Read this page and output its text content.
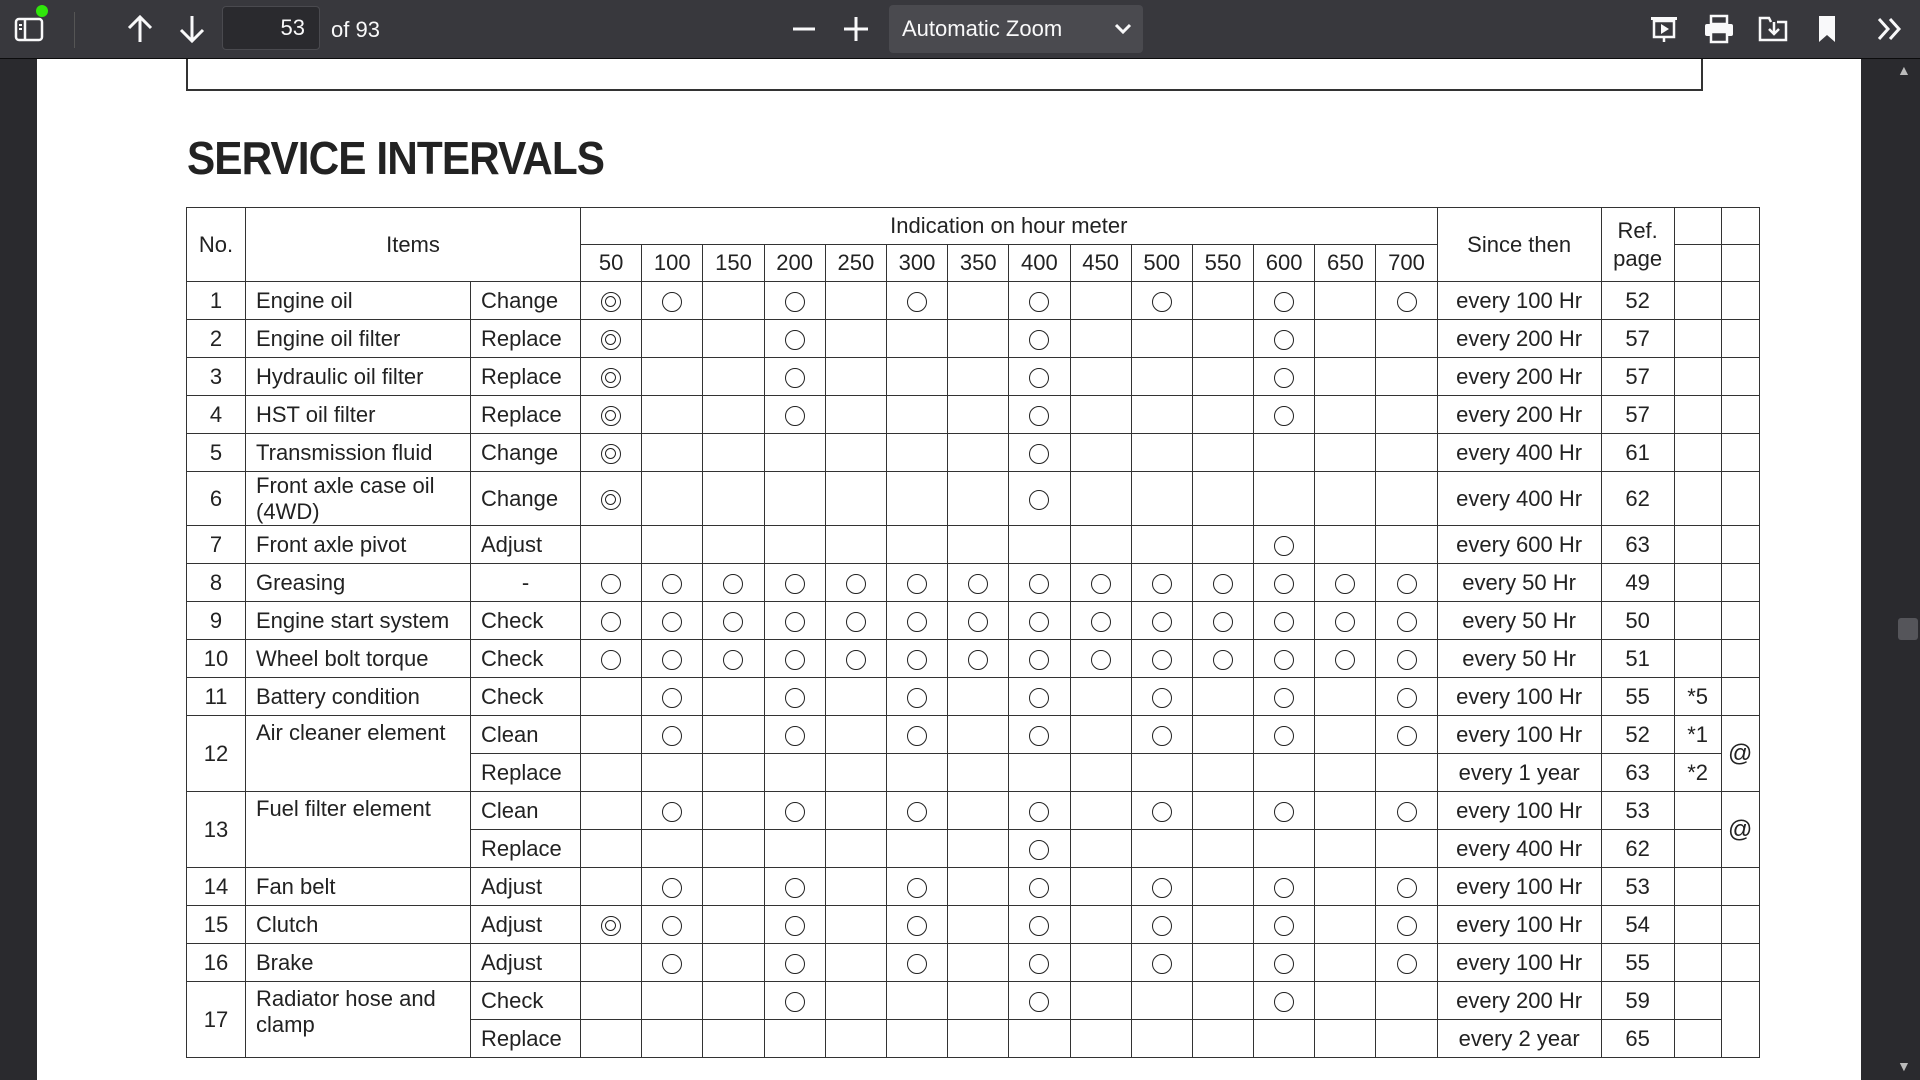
53
of 93	Automatic Zoom
SERVICE INTERVALS
No.	Items		Indication on hour meter														Since then	Ref. page		
			50	100	150	200	250	300	350	400	450	500	550	600	650	700				
1	Engine oil	Change															every 100 Hr	52		
2	Engine oil filter	Replace															every 200 Hr	57		
3	Hydraulic oil filter	Replace															every 200 Hr	57		
4	HST oil filter	Replace															every 200 Hr	57		
5	Transmission fluid	Change															every 400 Hr	61		
6	Front axle case oil (4WD)	Change															every 400 Hr	62		
7	Front axle pivot	Adjust															every 600 Hr	63		
8	Greasing	-															every 50 Hr	49		
9	Engine start system	Check															every 50 Hr	50		
10	Wheel bolt torque	Check															every 50 Hr	51		
11	Battery condition	Check															every 100 Hr	55	*5	
12	Air cleaner element	Clean															every 100 Hr	52	*1	@
		Replace															every 1 year	63	*2	
13	Fuel filter element	Clean															every 100 Hr	53		@
		Replace															every 400 Hr	62		
14	Fan belt	Adjust															every 100 Hr	53		
15	Clutch	Adjust															every 100 Hr	54		
16	Brake	Adjust															every 100 Hr	55		
17	Radiator hose and clamp	Check															every 200 Hr	59		
		Replace															every 2 year	65		
▲
▼
